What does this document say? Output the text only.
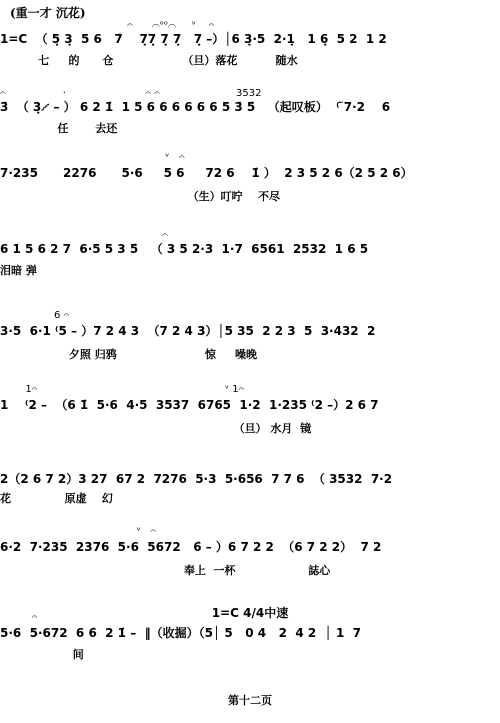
(重一才 沉花)
𝄐      ⌒ᵒᵒ⌒     ᵛ    𝄐
1=C  （ 5̣ 3̣  5 6   7̇    7̣7̣ 7̣ 7̣   7̣ –）│6 3̣·5  2·1̣   1 6̣  5 2  1 2
七     的      仓                  （旦）落花          随水
𝄐                  ·                         𝄐 𝄐                        3532
3̇  （ 3̣𝆱 – ） 6 2 1̇  1 5 6 6 6 6 6 6 5 3̇ 5̇   （起叹板）  ⁽ ̃7·2    6
任       去还
ᵛ   𝄐
7·235      2276      5·6     5 6     72 6    1̇ ）  2 3 5 2 6（2 5 2 6）
（生）叮咛    不尽
𝄐
6 1 5 6 2 7  6·5 5 3 5̇   （ 3 5 2·3  1·7  6561  2532  1 6 5
泪暗 弹
6 𝄐
3·5  6·1 ⁽5 – ）7 2 4 3  （7 2 4 3）│5 35  2 2 3  5  3·432  2
夕照 归鸦                       惊     噪晚
1𝄐                                                           ᵛ 1𝄐
1    ⁽2 –  （6 1̇  5·6  4·5  3537  6765  1·2  1·235 ⁽2 –）2 6 7
（旦） 水月  镜
2（2 6 7 2）3 27  67 2  7276  5·3  5·656  7 7 6  （ 3532  7·2
花              原虚    幻
ᵛ   𝄐
6·2  7·235  2376  5·6  5672   6̇ – ）6 7 2 2  （6 7 2 2）  7 2
奉上  一杯                   誌心
1=C 4/4中速
𝄐
5·6  5·672  6 6̇  2 1̇ –  ‖（收掘）（5│ 5   0 4   2  4 2  │ 1  7
间
第十二页
